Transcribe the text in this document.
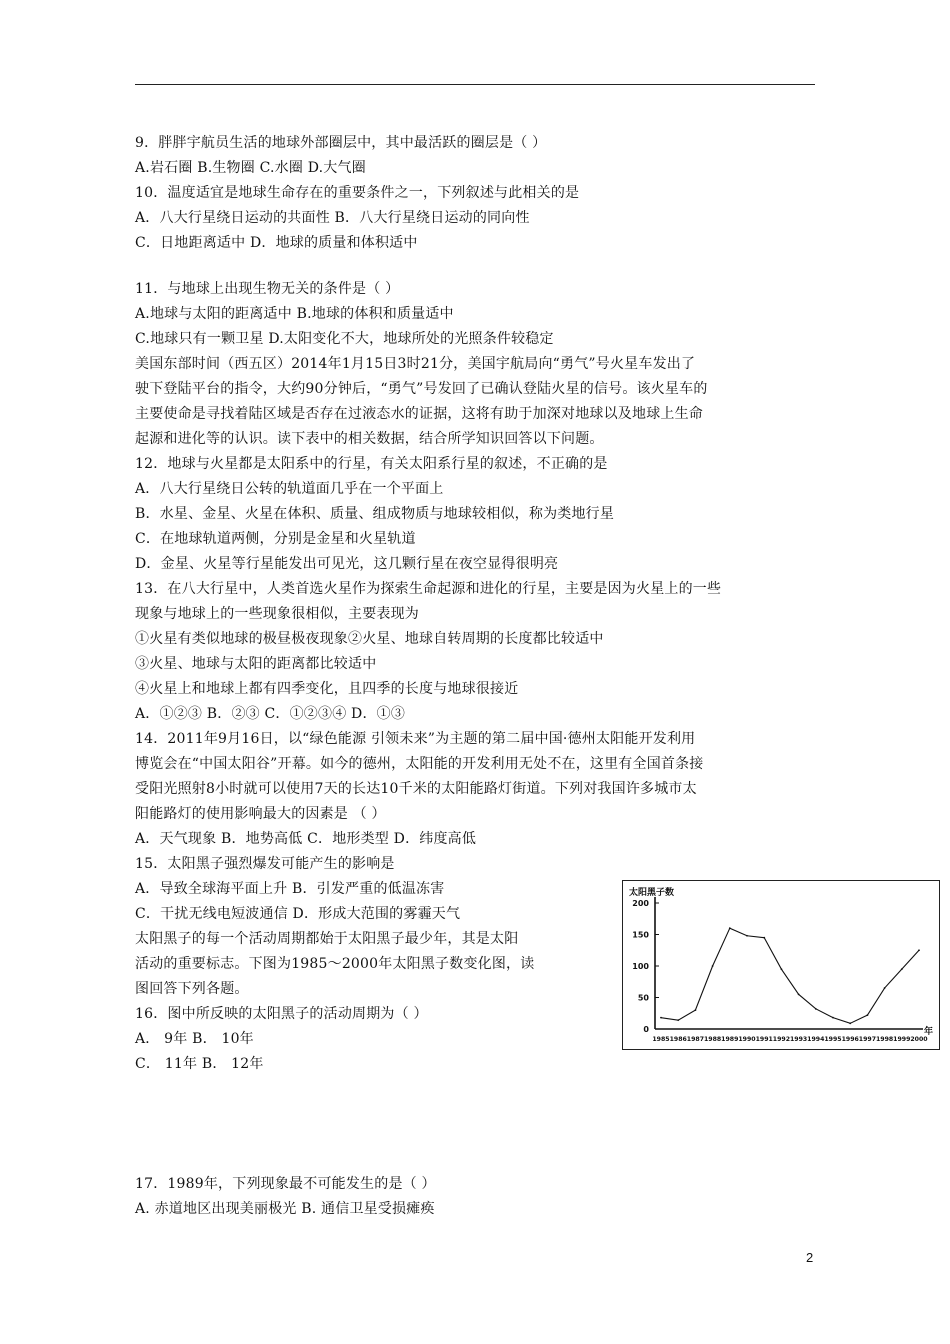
9．胖胖宇航员生活的地球外部圈层中，其中最活跃的圈层是（ ）
A.岩石圈 B.生物圈 C.水圈 D.大气圈
10．温度适宜是地球生命存在的重要条件之一，下列叙述与此相关的是
A．八大行星绕日运动的共面性 B．八大行星绕日运动的同向性
C．日地距离适中 D．地球的质量和体积适中
11．与地球上出现生物无关的条件是（ ）
A.地球与太阳的距离适中 B.地球的体积和质量适中
C.地球只有一颗卫星 D.太阳变化不大，地球所处的光照条件较稳定
美国东部时间（西五区）2014年1月15日3时21分，美国宇航局向“勇气”号火星车发出了
驶下登陆平台的指令，大约90分钟后，“勇气”号发回了已确认登陆火星的信号。该火星车的
主要使命是寻找着陆区域是否存在过液态水的证据，这将有助于加深对地球以及地球上生命
起源和进化等的认识。读下表中的相关数据，结合所学知识回答以下问题。
12．地球与火星都是太阳系中的行星，有关太阳系行星的叙述，不正确的是
A．八大行星绕日公转的轨道面几乎在一个平面上
B．水星、金星、火星在体积、质量、组成物质与地球较相似，称为类地行星
C．在地球轨道两侧，分别是金星和火星轨道
D．金星、火星等行星能发出可见光，这几颗行星在夜空显得很明亮
13．在八大行星中，人类首选火星作为探索生命起源和进化的行星，主要是因为火星上的一些
现象与地球上的一些现象很相似，主要表现为
①火星有类似地球的极昼极夜现象②火星、地球自转周期的长度都比较适中
③火星、地球与太阳的距离都比较适中
④火星上和地球上都有四季变化，且四季的长度与地球很接近
A．①②③ B．②③ C．①②③④ D．①③
14．2011年9月16日，以“绿色能源 引领未来”为主题的第二届中国·德州太阳能开发利用
博览会在“中国太阳谷”开幕。如今的德州，太阳能的开发利用无处不在，这里有全国首条接
受阳光照射8小时就可以使用7天的长达10千米的太阳能路灯街道。下列对我国许多城市太
阳能路灯的使用影响最大的因素是 （ ）
A．天气现象 B．地势高低 C．地形类型 D．纬度高低
15．太阳黑子强烈爆发可能产生的影响是
A．导致全球海平面上升 B．引发严重的低温冻害
C．干扰无线电短波通信 D．形成大范围的雾霾天气
太阳黑子的每一个活动周期都始于太阳黑子最少年，其是太阳
活动的重要标志。下图为1985～2000年太阳黑子数变化图，读
图回答下列各题。
16．图中所反映的太阳黑子的活动周期为（ ）
A． 9年 B． 10年
C． 11年 B． 12年
17．1989年，下列现象最不可能发生的是（ ）
A. 赤道地区出现美丽极光 B. 通信卫星受损瘫痪
太阳黑子数
年
0
50
100
150
200
1985 1986 1987 1988 1989 1990 1991 1992 1993 1994 1995 1996 1997 1998 1999 2000
2
